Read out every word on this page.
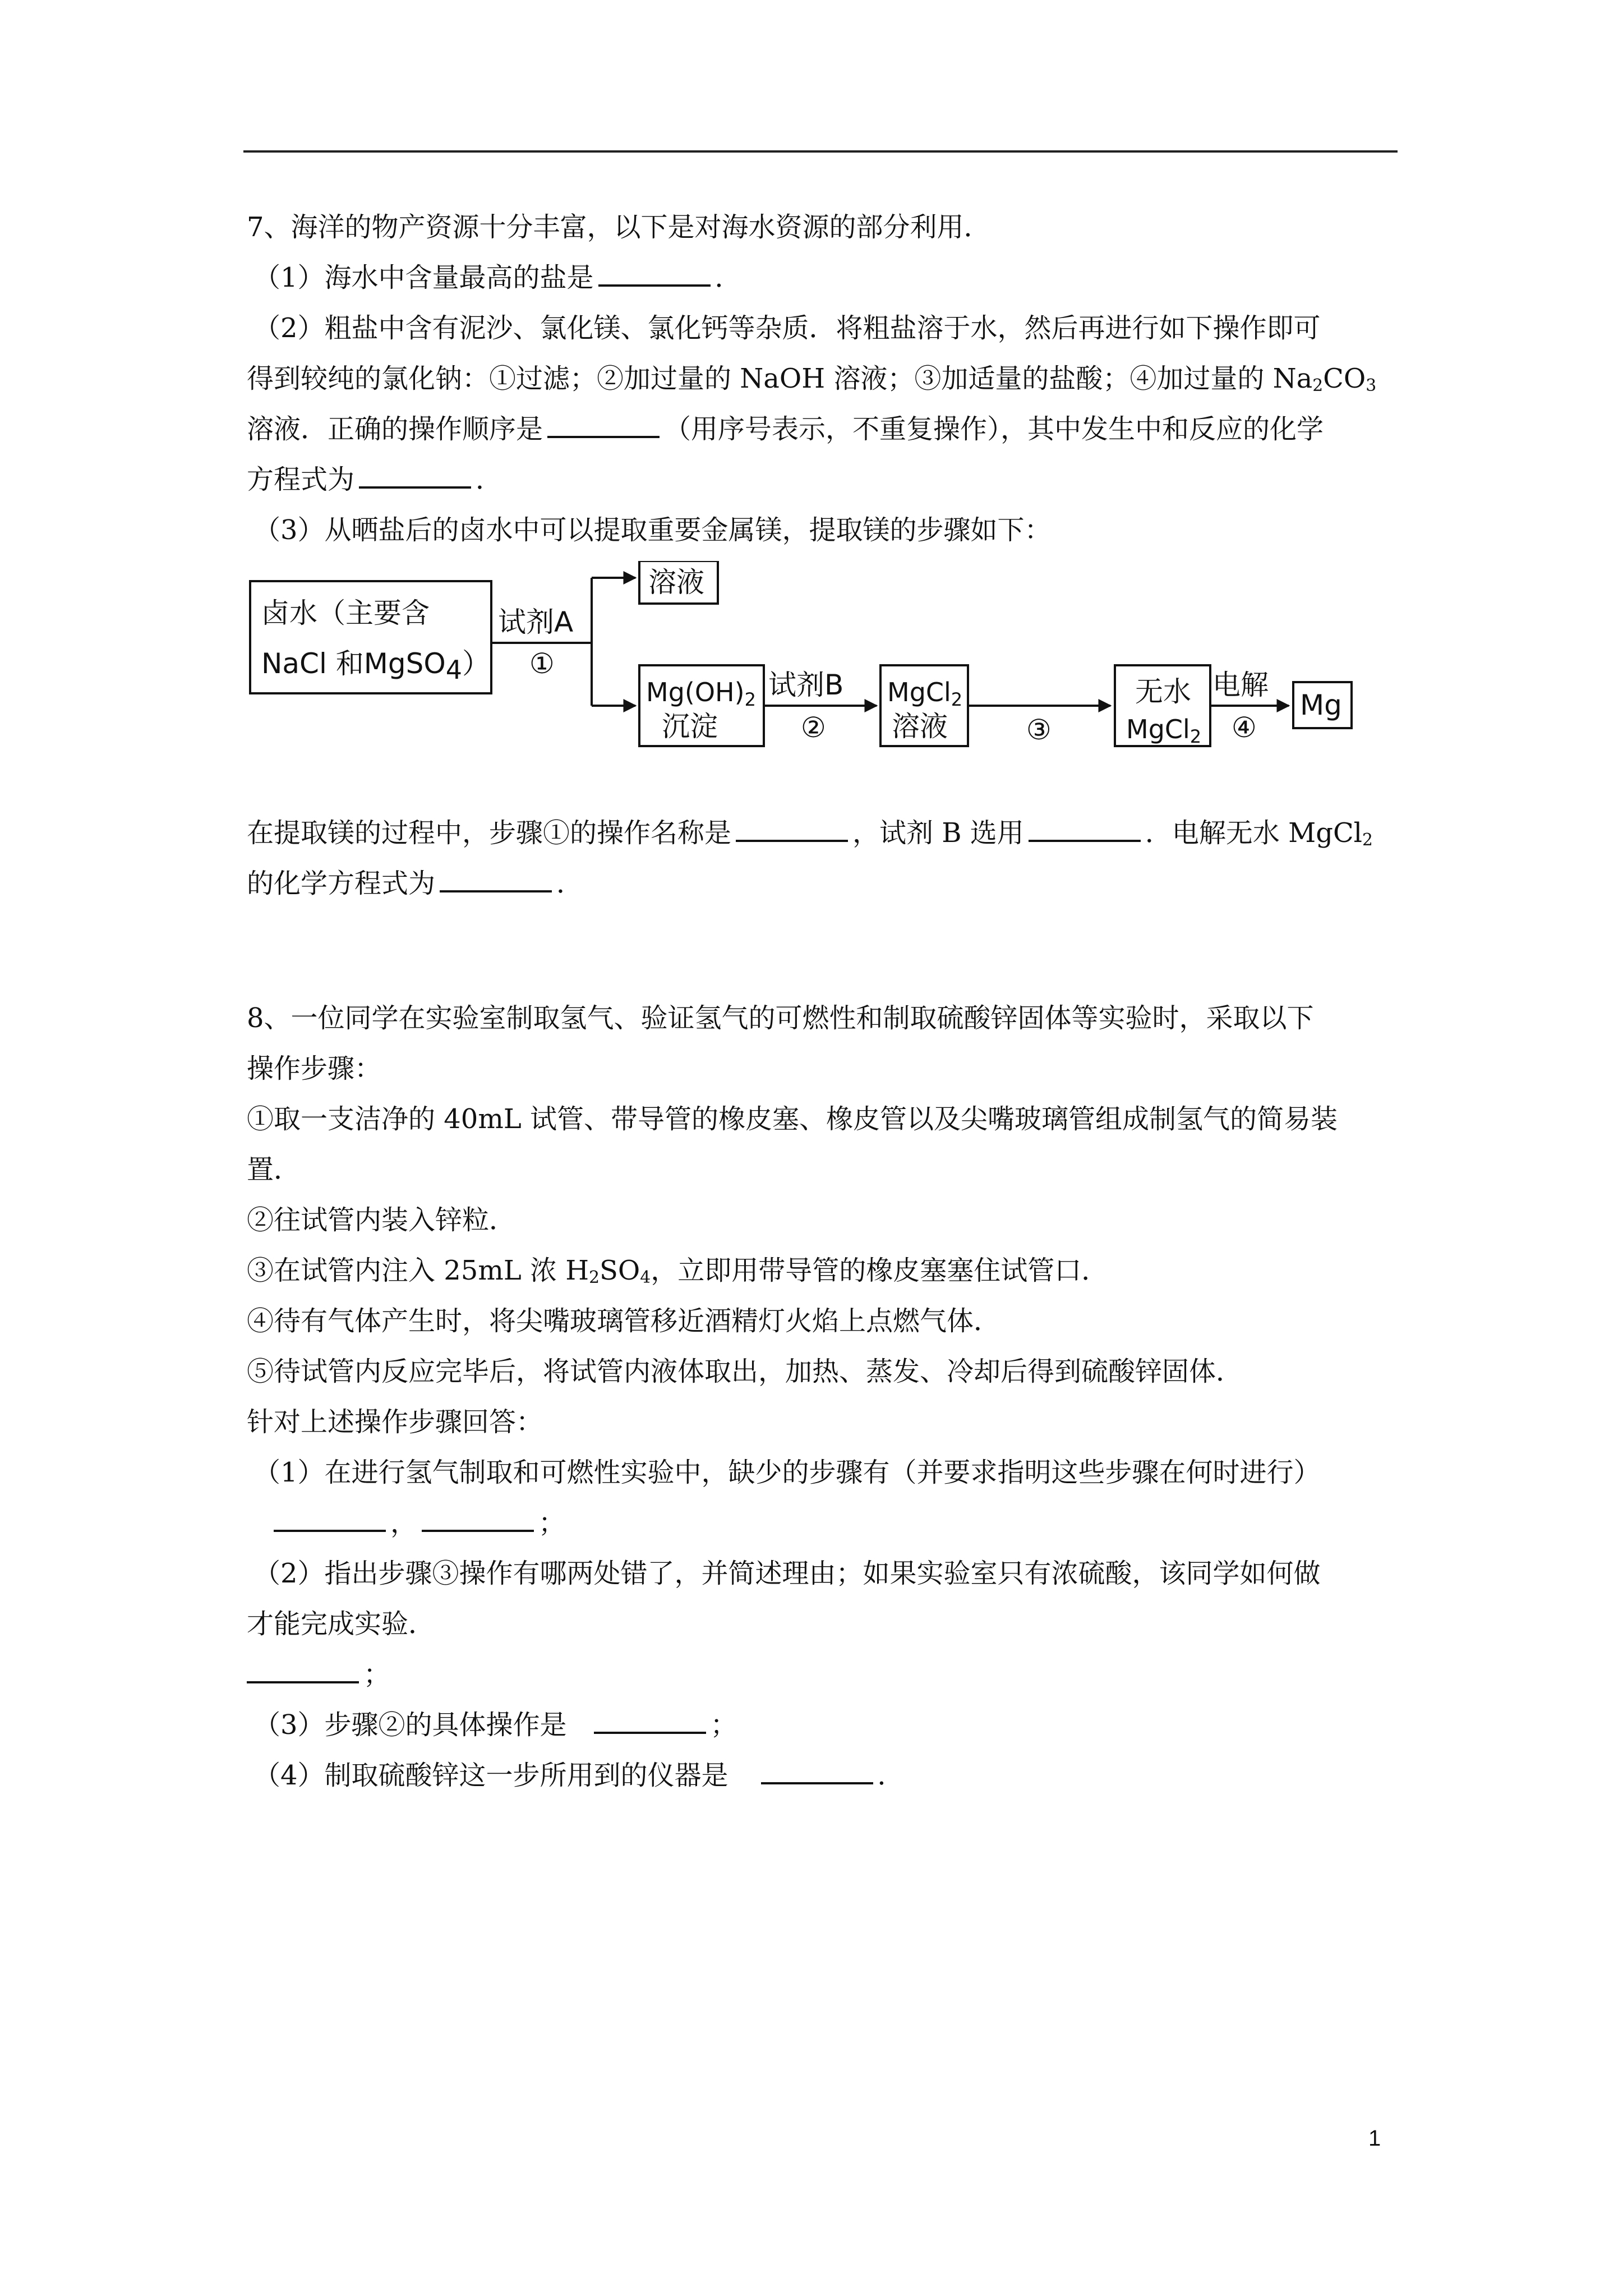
7、海洋的物产资源十分丰富，以下是对海水资源的部分利用．

（1）海水中含量最高的盐是	．

（2）粗盐中含有泥沙、氯化镁、氯化钙等杂质．将粗盐溶于水，然后再进行如下操作即可

得到较纯的氯化钠：①过滤；②加过量的 NaOH 溶液；③加适量的盐酸；④加过量的 $Na_2CO_3$

溶液．正确的操作顺序是	（用序号表示，不重复操作），其中发生中和反应的化学

方程式为	．

（3）从晒盐后的卤水中可以提取重要金属镁，提取镁的步骤如下：

卤水（主要含
NaCl 和MgSO4）
试剂A
①
溶液
Mg(OH)2
沉淀
试剂B
②
MgCl2
溶液	③
无水
MgCl2
电解
④
Mg

在提取镁的过程中，步骤①的操作名称是	，试剂 B 选用	．电解无水 MgCl$_2$

的化学方程式为	．

8、一位同学在实验室制取氢气、验证氢气的可燃性和制取硫酸锌固体等实验时，采取以下

操作步骤：

①取一支洁净的 40mL 试管、带导管的橡皮塞、橡皮管以及尖嘴玻璃管组成制氢气的简易装

置．

②往试管内装入锌粒．

③在试管内注入 25mL 浓 $H_2SO_4$，立即用带导管的橡皮塞塞住试管口．

④待有气体产生时，将尖嘴玻璃管移近酒精灯火焰上点燃气体．

⑤待试管内反应完毕后，将试管内液体取出，加热、蒸发、冷却后得到硫酸锌固体．

针对上述操作步骤回答：

（1）在进行氢气制取和可燃性实验中，缺少的步骤有（并要求指明这些步骤在何时进行）

，	；

（2）指出步骤③操作有哪两处错了，并简述理由；如果实验室只有浓硫酸，该同学如何做

才能完成实验．

；

（3）步骤②的具体操作是	；

（4）制取硫酸锌这一步所用到的仪器是	．

1
